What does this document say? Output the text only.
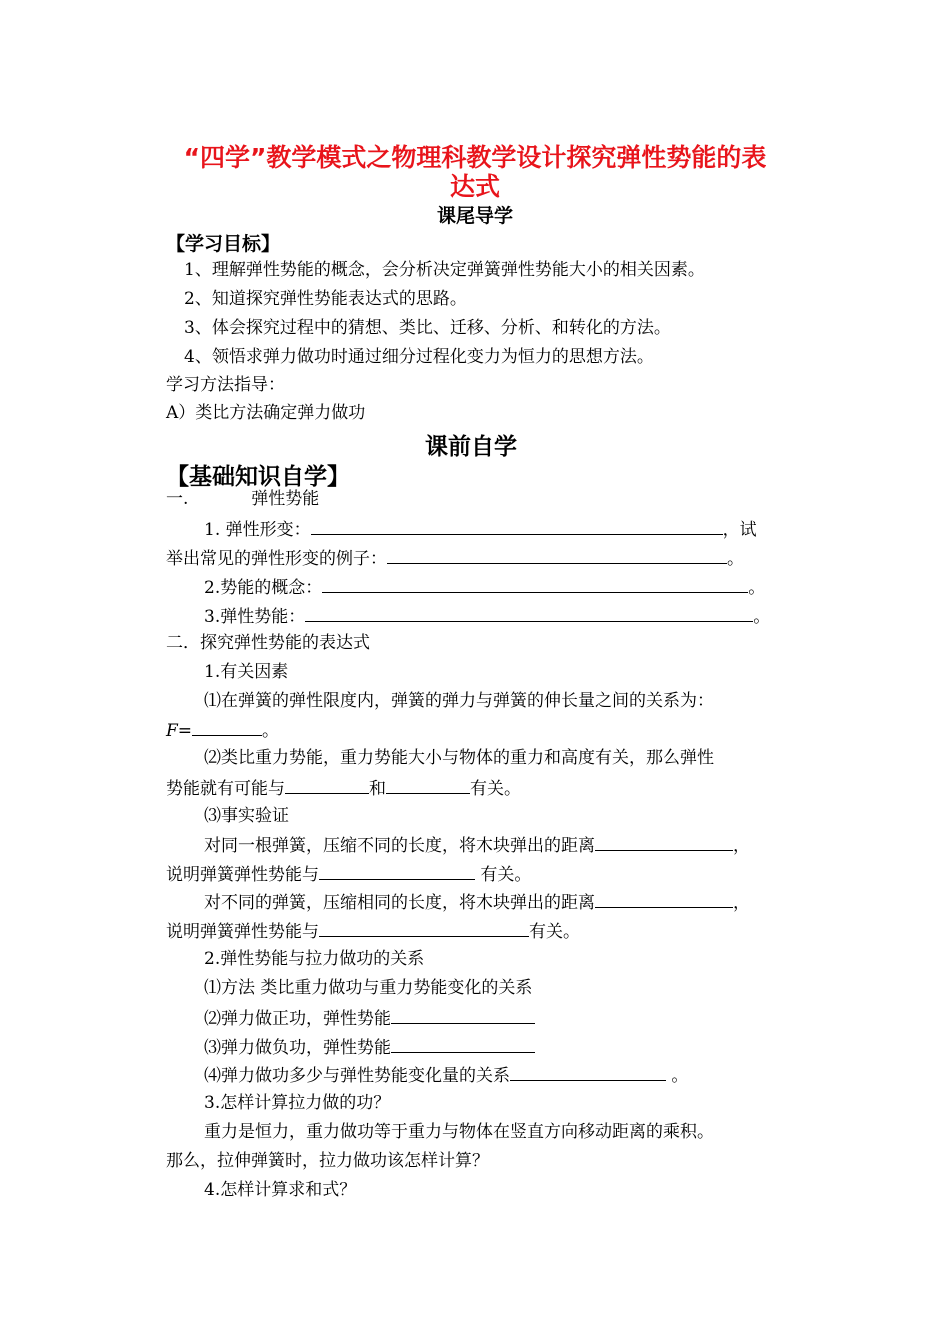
“四学”教学模式之物理科教学设计探究弹性势能的表
达式
课尾导学
【学习目标】
1、理解弹性势能的概念，会分析决定弹簧弹性势能大小的相关因素。
2、知道探究弹性势能表达式的思路。
3、体会探究过程中的猜想、类比、迁移、分析、和转化的方法。
4、领悟求弹力做功时通过细分过程化变力为恒力的思想方法。
学习方法指导：
A）类比方法确定弹力做功
课前自学
【基础知识自学】
一.	弹性势能
1. 弹性形变：	，试
举出常见的弹性形变的例子：	。
2.势能的概念：	。
3.弹性势能：	。
二．探究弹性势能的表达式
1.有关因素
⑴在弹簧的弹性限度内，弹簧的弹力与弹簧的伸长量之间的关系为：
F=	。
⑵类比重力势能，重力势能大小与物体的重力和高度有关，那么弹性
势能就有可能与	和	有关。
⑶事实验证
对同一根弹簧，压缩不同的长度，将木块弹出的距离	，
说明弹簧弹性势能与	有关。
对不同的弹簧，压缩相同的长度，将木块弹出的距离	，
说明弹簧弹性势能与	有关。
2.弹性势能与拉力做功的关系
⑴方法 类比重力做功与重力势能变化的关系
⑵弹力做正功，弹性势能
⑶弹力做负功，弹性势能
⑷弹力做功多少与弹性势能变化量的关系	。
3.怎样计算拉力做的功？
重力是恒力，重力做功等于重力与物体在竖直方向移动距离的乘积。
那么，拉伸弹簧时，拉力做功该怎样计算？
4.怎样计算求和式？
